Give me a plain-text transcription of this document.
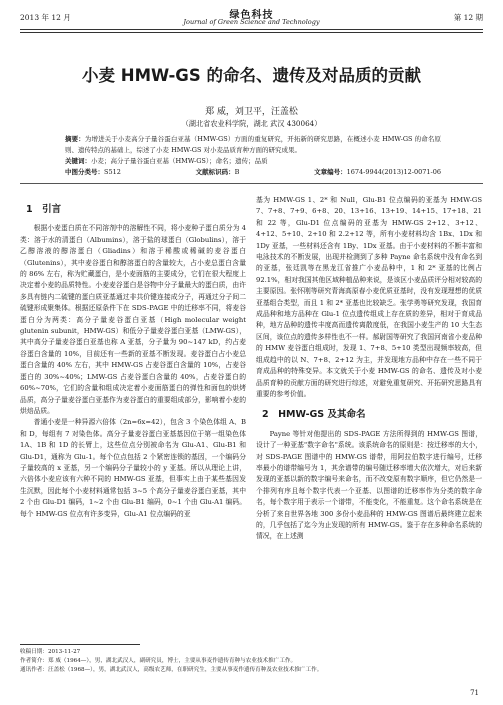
2013 年 12 月	绿色科技
Journal of Green Science and Technology	第 12 期
小麦 HMW-GS 的命名、遗传及对品质的贡献
郑 威，刘卫平，汪盖松
（湖北省农业科学院，湖北 武汉 430064）

摘要：为增进关于小麦高分子量谷蛋白亚基（HMW-GS）方面的重复研究，开拓新的研究思路，在概述小麦 HMW-GS 的命名原则、遗传特点的基础上，综述了小麦 HMW-GS 对小麦品质育种方面的研究成果。

关键词：小麦；高分子量谷蛋白亚基（HMW-GS）；命名；遗传；品质

中图分类号：S512	文献标识码：B	文章编号：1674-9944(2013)12-0071-06
1　引言

根据小麦蛋白质在不同溶剂中的溶解性不同，将小麦种子蛋白质分为 4 类：溶于水的清蛋白（Albumins），溶于盐的球蛋白（Globulins），溶于乙醇溶液的醇溶蛋白（Gliadins）和溶于稀酸或稀碱的麦谷蛋白（Glutenins），其中麦谷蛋白和醇溶蛋白的含量较大，占小麦总蛋白含量的 86% 左右，称为贮藏蛋白，是小麦面筋的主要成分，它们在很大程度上决定着小麦的品质特性。小麦麦谷蛋白是谷物中分子量最大的蛋白质，由许多具有链内二硫键的蛋白质亚基通过非共价键连接成分子，再通过分子间二硫键形成聚集体。根据还原条件下在 SDS-PAGE 中的迁移率不同，将麦谷蛋白分为两类：高分子量麦谷蛋白亚基（High molecular weight glutenin subunit，HMW-GS）和低分子量麦谷蛋白亚基（LMW-GS），其中高分子量麦谷蛋白亚基也称 A 亚基，分子量为 90~147 kD，约占麦谷蛋白含量的 10%，目前还有一些新的亚基不断发现。麦谷蛋白占小麦总蛋白含量的 40% 左右，其中 HMW-GS 占麦谷蛋白含量的 10%，占麦谷蛋白的 30%~40%；LMW-GS 占麦谷蛋白含量的 40%，占麦谷蛋白的 60%~70%，它们的含量和组成决定着小麦面筋蛋白的弹性和面包的烘烤品质，高分子量麦谷蛋白亚基作为麦谷蛋白的重要组成部分，影响着小麦的烘焙品质。

普通小麦是一种异源六倍体（2n=6x=42），包含 3 个染色体组 A、B 和 D，每组有 7 对染色体。高分子量麦谷蛋白亚基基因位于第一组染色体 1A、1B 和 1D 的长臂上，这些位点分别被命名为 Glu-A1、Glu-B1 和 Glu-D1，通称为 Glu-1。每个位点包括 2 个紧密连锁的基因，一个编码分子量较高的 x 亚基，另一个编码分子量较小的 y 亚基。所以从理论上讲，六倍体小麦应该有六种不同的 HMW-GS 亚基，但事实上由于某些基因发生沉默，因此每个小麦材料通常包括 3~5 个高分子量麦谷蛋白亚基，其中 2 个由 Glu-D1 编码，1~2 个由 Glu-B1 编码，0~1 个由 Glu-A1 编码。每个 HMW-GS 位点有许多变异，Glu-A1 位点编码的亚

基为 HMW-GS 1、2* 和 Null，Glu-B1 位点编码的亚基为 HMW-GS 7、7+8、7+9、6+8、20、13+16、13+19、14+15、17+18、21 和 22 等，Glu-D1 位点编码的亚基为 HMW-GS 2+12、3+12、4+12、5+10、2+10 和 2.2+12 等，所有小麦材料均含 1Bx、1Dx 和 1Dy 亚基，一些材料还含有 1By、1Dx 亚基。由于小麦材料的不断丰富和电泳技术的不断发展，出现并检测到了多种 Payne 命名系统中没有命名到的亚基，张廷凯等在黑龙江省推广小麦品种中，1 和 2* 亚基的比例占 92.1%，相对我国其他区域种植品种来说，是该区小麦品质评分相对较高的主要原因。张怀刚等研究青海高原春小麦优质亚基时，没有发现理想的优质亚基组合类型，而且 1 和 2* 亚基也比较缺乏。张学勇等研究发现，我国育成品种和地方品种在 Glu-1 位点遗传组成上存在质的差异，相对于育成品种，地方品种的遗传丰度高而遗传离散度低，在我国小麦生产的 10 大生态区间，该位点的遗传多样性也不一样。郝尉国等研究了我国河南省小麦品种的 HMW 麦谷蛋白组成时，发现 1、7+8、5+10 类型出现频率较高，但组成趋中的以 N、7+8、2+12 为主，并发现地方品种中存在一些不同于育成品种的特殊变异。本文就关于小麦 HMW-GS 的命名、遗传及对小麦品质育种的贡献方面的研究进行综述，对避免重复研究、开拓研究思路具有重要的参考价值。

2　HMW-GS 及其命名

Payne 等针对他提出的 SDS-PAGE 方法所得到的 HMW-GS 图谱，设计了一种亚基"数字命名"系统。该系统命名的原则是：按迁移率的大小，对 SDS-PAGE 图谱中的 HMW-GS 谱带，用阿拉伯数字进行编号，迁移率最小的谱带编号为 1，其余谱带的编号随迁移率增大依次增大，对后来新发现的亚基以新的数字编号来命名，而不改变原有数字顺序，但它仍然是一个排列有序且每个数字代表一个亚基、以图谱的迁移率作为分类的数字命名，每个数字用于表示一个谱带，不能变化，不能重复。这个命名系统是在分析了来自世界各地 300 多份小麦品种的 HMW-GS 图谱后最终建立起来的，几乎包括了迄今为止发现的所有 HMW-GS。鉴于存在多种命名系统的情况，在上述测

收稿日期：2013-11-27
作者简介：郑 威（1964—），男，湖北武汉人，副研究员，博士，主要从事麦作遗传育种与农业技术推广工作。
通讯作者：汪盖松（1968—），男，湖北武汉人，高级农艺师，在职研究生，主要从事麦作遗传育种及农业技术推广工作。
71
